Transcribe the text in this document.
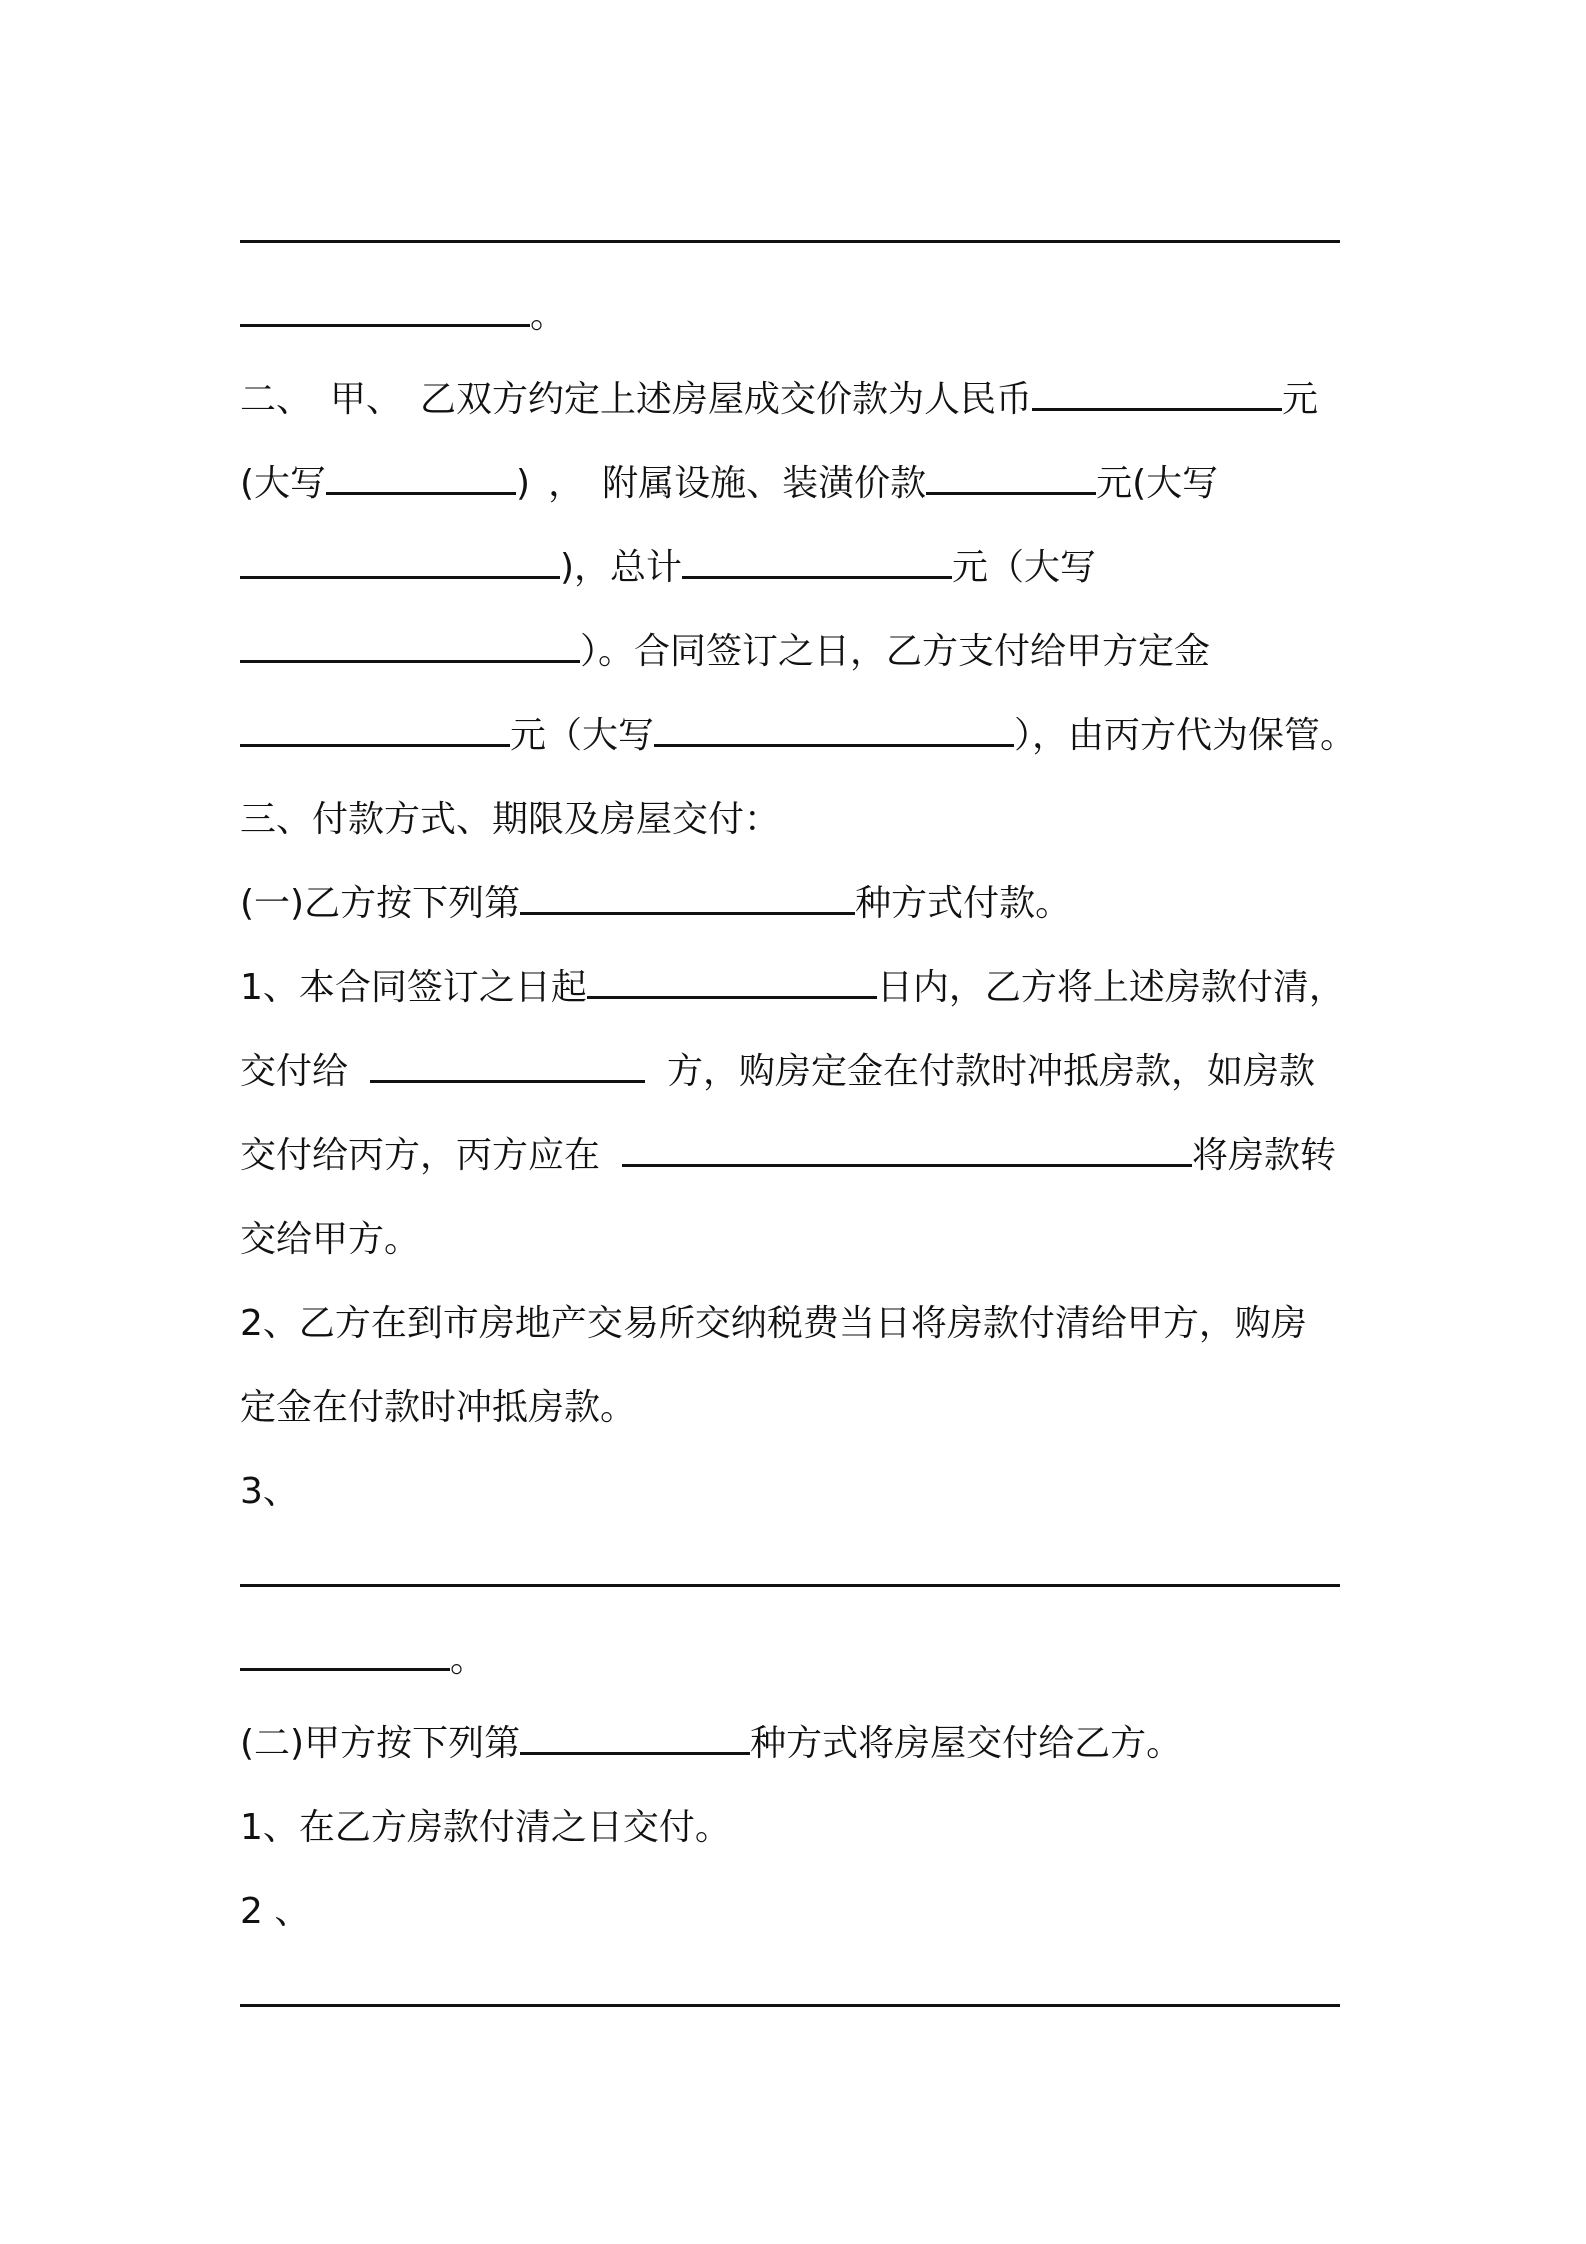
。
二、 甲、 乙双方约定上述房屋成交价款为人民币	元
(大写	) ， 附属设施、装潢价款	元(大写
)，总计	元（大写
）。合同签订之日，乙方支付给甲方定金
元（大写	），由丙方代为保管。
三、付款方式、期限及房屋交付：
(一)乙方按下列第	种方式付款。
1、本合同签订之日起	日内，乙方将上述房款付清，
交付给	方，购房定金在付款时冲抵房款，如房款
交付给丙方，丙方应在	将房款转
交给甲方。
2、乙方在到市房地产交易所交纳税费当日将房款付清给甲方，购房
定金在付款时冲抵房款。
3、
。
(二)甲方按下列第	种方式将房屋交付给乙方。
1、在乙方房款付清之日交付。
2 、
